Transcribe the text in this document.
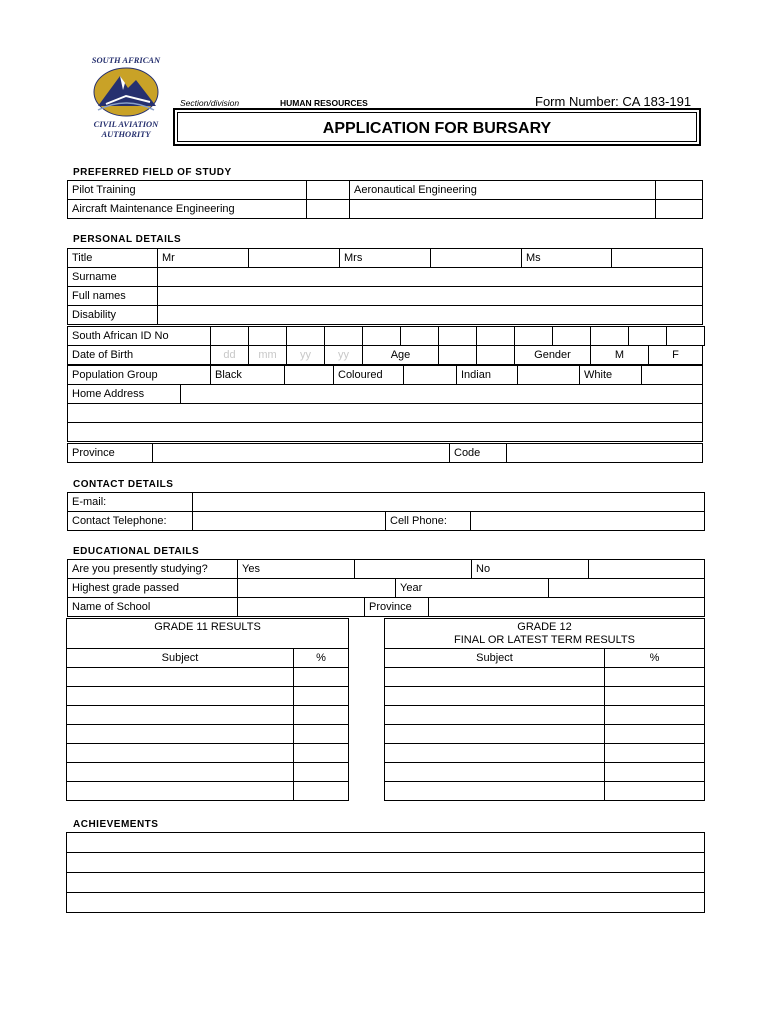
SOUTH AFRICAN
CIVIL AVIATION
AUTHORITY
Section/division	HUMAN RESOURCES	Form Number: CA 183-191
APPLICATION FOR BURSARY
PREFERRED FIELD OF STUDY
Pilot Training		Aeronautical Engineering	
Aircraft Maintenance Engineering			
PERSONAL DETAILS
Title	Mr		Mrs		Ms	
Surname	
Full names	
Disability	
South African ID No													
Date of Birth	dd	mm	yy	yy	Age			Gender	M	F
Population Group	Black		Coloured		Indian		White	
Home Address	

Province		Code	
CONTACT DETAILS
E-mail:	
Contact Telephone:		Cell Phone:	
EDUCATIONAL DETAILS
Are you presently studying?	Yes		No	
Highest grade passed		Year	
Name of School		Province	
GRADE 11 RESULTS	
Subject	%

GRADE 12
FINAL OR LATEST TERM RESULTS	

Subject	%

ACHIEVEMENTS
